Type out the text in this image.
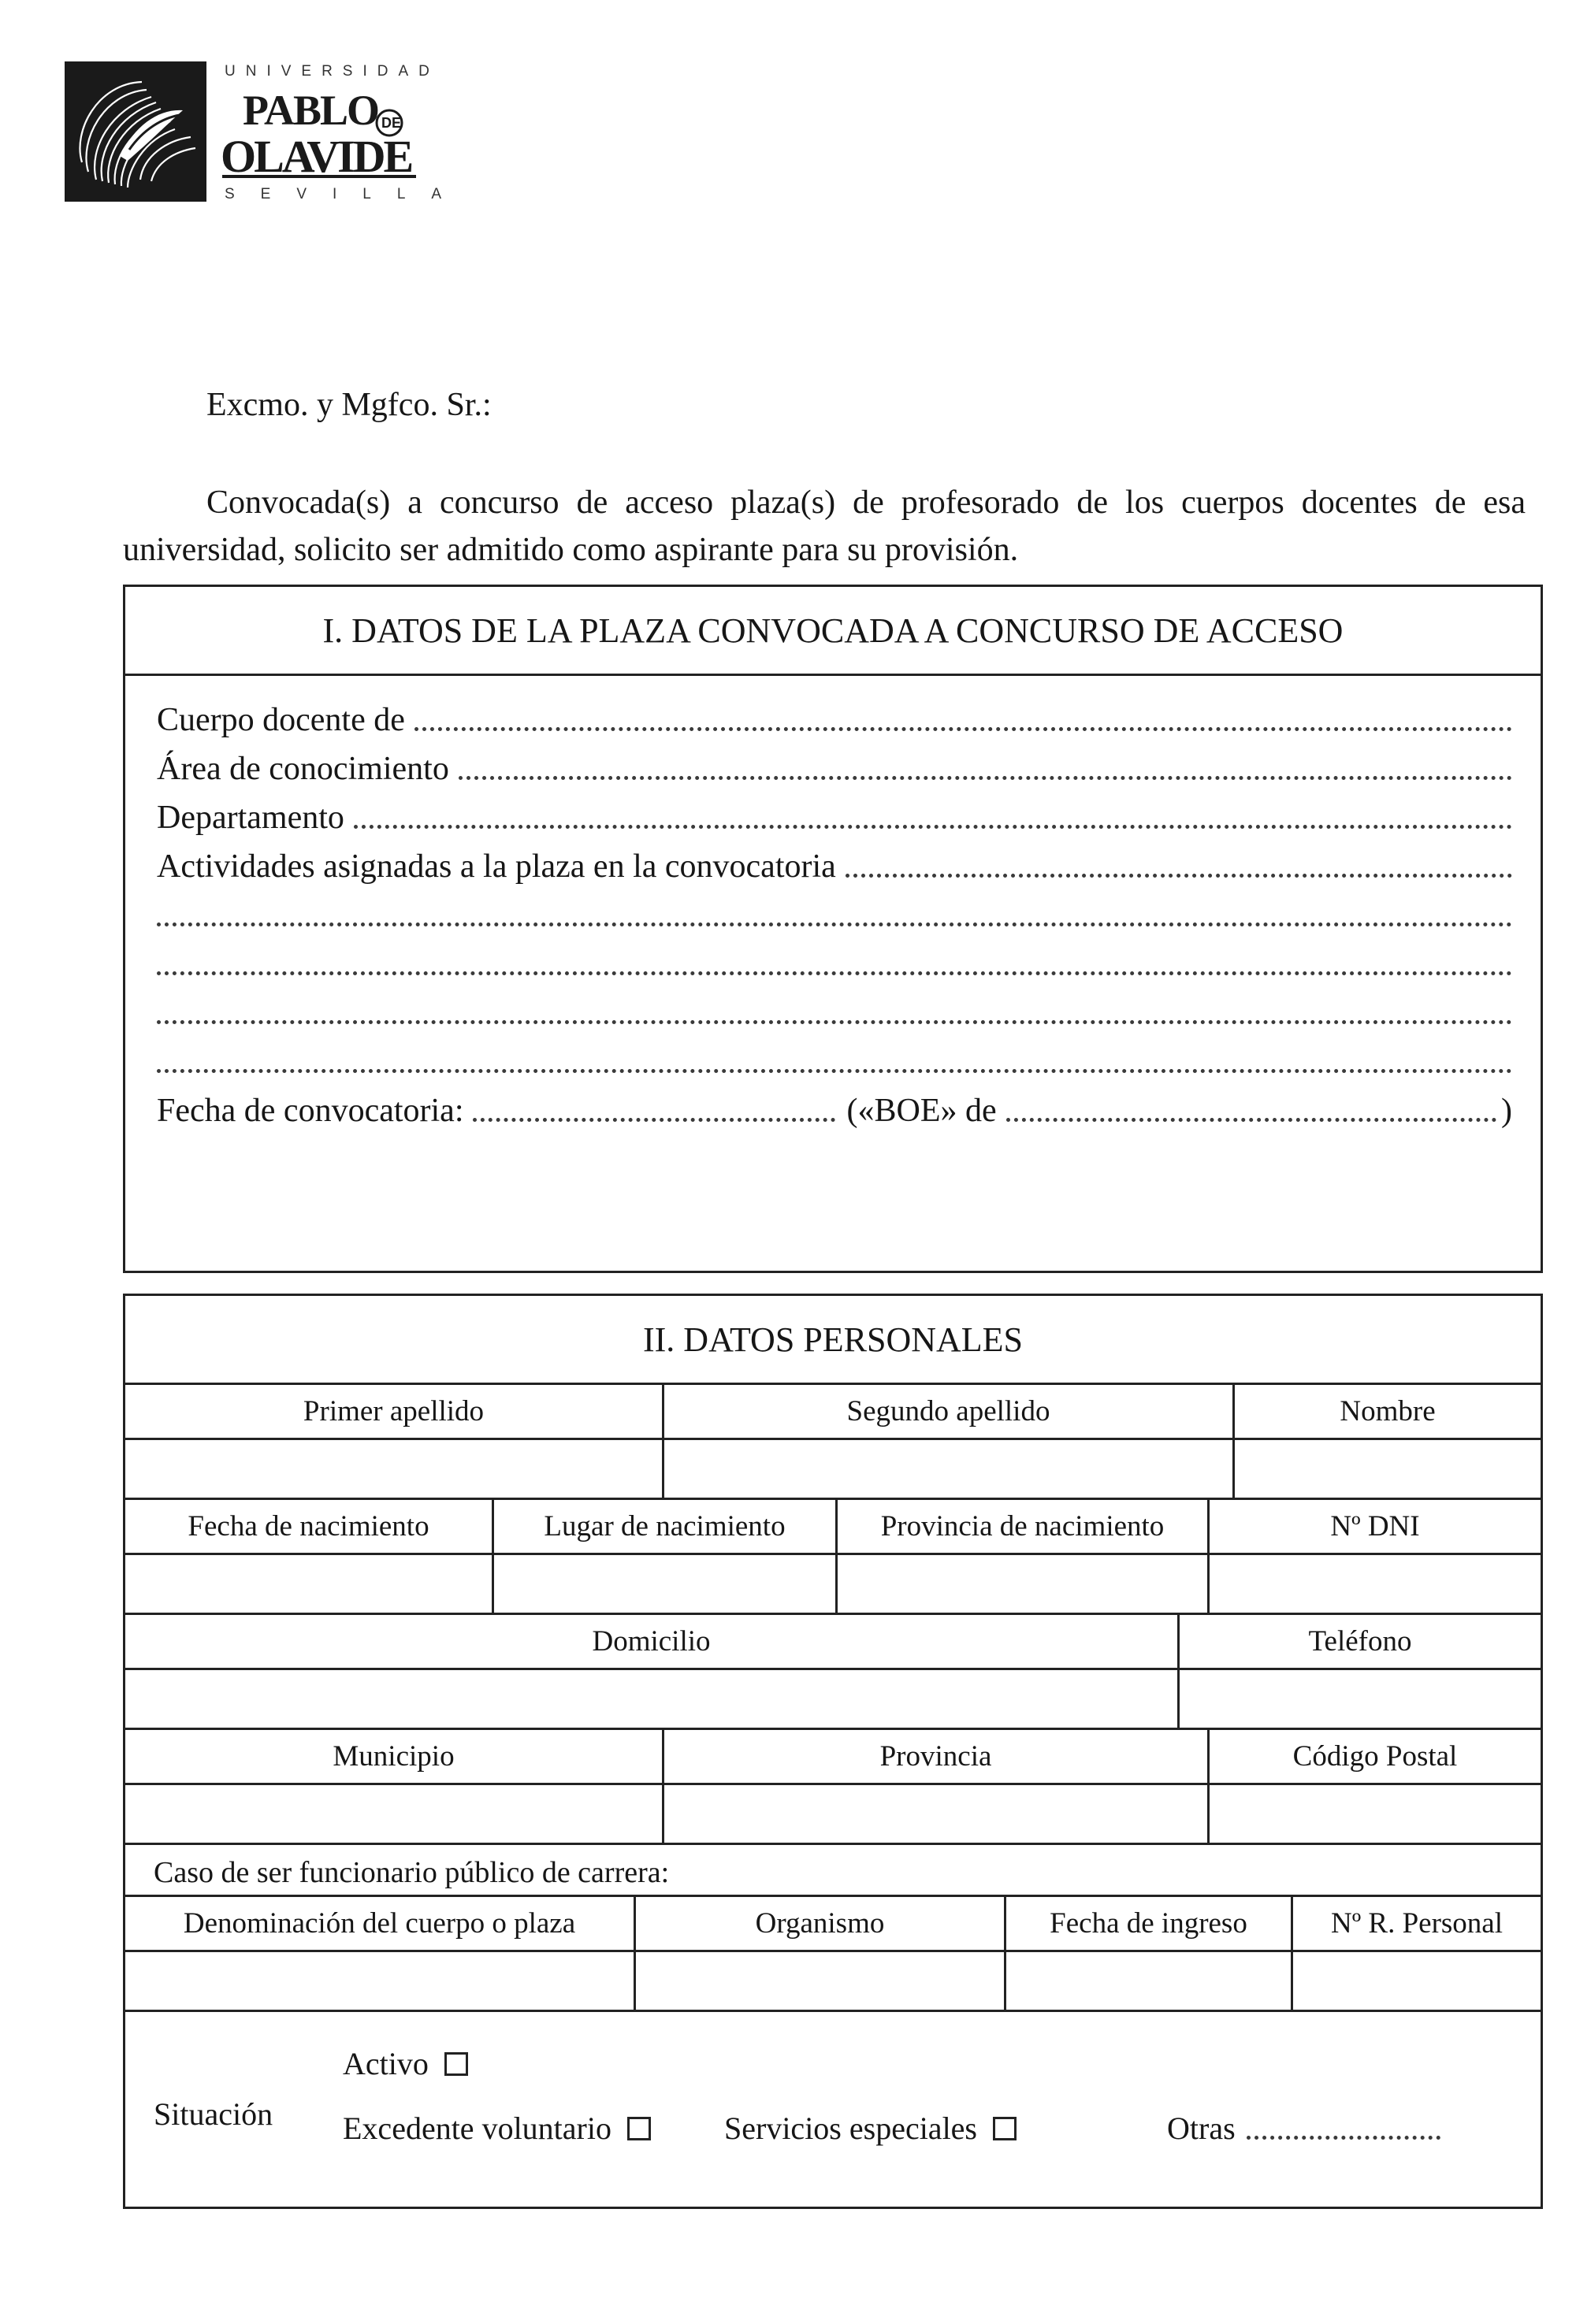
UNIVERSIDAD
PABLO DE
OLAVIDE
SEVILLA
Excmo. y Mgfco. Sr.:
Convocada(s) a concurso de acceso plaza(s) de profesorado de los cuerpos docentes de esa universidad, solicito ser admitido como aspirante para su provisión.
I. DATOS DE LA PLAZA CONVOCADA A CONCURSO DE ACCESO
Cuerpo docente de
Área de conocimiento
Departamento
Actividades asignadas a la plaza en la convocatoria
Fecha de convocatoria:	(«BOE» de	)
II. DATOS PERSONALES
Primer apellido	Segundo apellido	Nombre
Fecha de nacimiento	Lugar de nacimiento	Provincia de nacimiento	Nº DNI
Domicilio	Teléfono
Municipio	Provincia	Código Postal
Caso de ser funcionario público de carrera:
Denominación del cuerpo o plaza	Organismo	Fecha de ingreso	Nº R. Personal
Situación
Activo
Excedente voluntario	Servicios especiales	Otras
